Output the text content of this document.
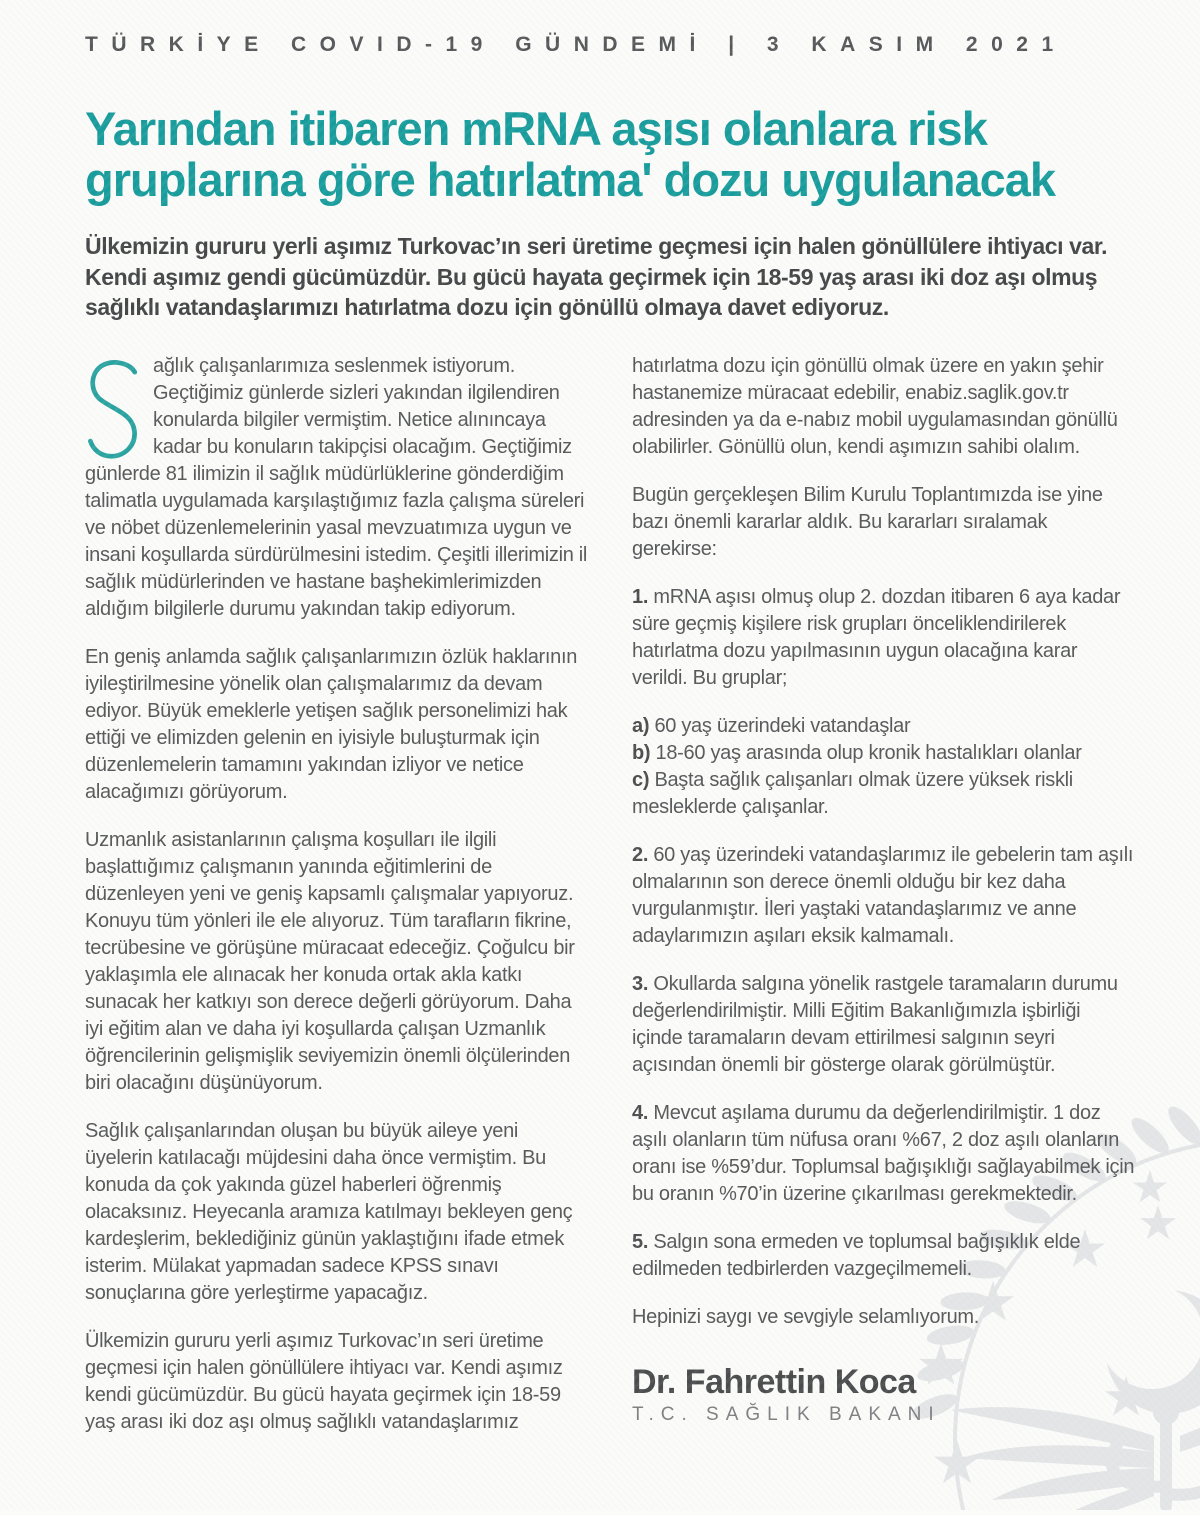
TÜRKİYE COVID-19 GÜNDEMİ | 3 KASIM 2021
Yarından itibaren mRNA aşısı olanlara risk
gruplarına göre hatırlatma' dozu uygulanacak
Ülkemizin gururu yerli aşımız Turkovac’ın seri üretime geçmesi için halen gönüllülere ihtiyacı var. Kendi aşımız gendi gücümüzdür. Bu gücü hayata geçirmek için 18-59 yaş arası iki doz aşı olmuş sağlıklı vatandaşlarımızı hatırlatma dozu için gönüllü olmaya davet ediyoruz.

ağlık çalışanlarımıza seslenmek istiyorum. Geçtiğimiz günlerde sizleri yakından ilgilendiren konularda bilgiler vermiştim. Netice alınıncaya kadar bu konuların takipçisi olacağım. Geçtiğimiz günlerde 81 ilimizin il sağlık müdürlüklerine gönderdiğim talimatla uygulamada karşılaştığımız fazla çalışma süreleri ve nöbet düzenlemelerinin yasal mevzuatımıza uygun ve insani koşullarda sürdürülmesini istedim. Çeşitli illerimizin il sağlık müdürlerinden ve hastane başhekimlerimizden aldığım bilgilerle durumu yakından takip ediyorum.

En geniş anlamda sağlık çalışanlarımızın özlük haklarının iyileştirilmesine yönelik olan çalışmalarımız da devam ediyor. Büyük emeklerle yetişen sağlık personelimizi hak ettiği ve elimizden gelenin en iyisiyle buluşturmak için düzenlemelerin tamamını yakından izliyor ve netice alacağımızı görüyorum.

Uzmanlık asistanlarının çalışma koşulları ile ilgili başlattığımız çalışmanın yanında eğitimlerini de düzenleyen yeni ve geniş kapsamlı çalışmalar yapıyoruz. Konuyu tüm yönleri ile ele alıyoruz. Tüm tarafların fikrine, tecrübesine ve görüşüne müracaat edeceğiz. Çoğulcu bir yaklaşımla ele alınacak her konuda ortak akla katkı sunacak her katkıyı son derece değerli görüyorum. Daha iyi eğitim alan ve daha iyi koşullarda çalışan Uzmanlık öğrencilerinin gelişmişlik seviyemizin önemli ölçülerinden biri olacağını düşünüyorum.

Sağlık çalışanlarından oluşan bu büyük aileye yeni üyelerin katılacağı müjdesini daha önce vermiştim. Bu konuda da çok yakında güzel haberleri öğrenmiş olacaksınız. Heyecanla aramıza katılmayı bekleyen genç kardeşlerim, beklediğiniz günün yaklaştığını ifade etmek isterim. Mülakat yapmadan sadece KPSS sınavı sonuçlarına göre yerleştirme yapacağız.

Ülkemizin gururu yerli aşımız Turkovac’ın seri üretime geçmesi için halen gönüllülere ihtiyacı var. Kendi aşımız kendi gücümüzdür. Bu gücü hayata geçirmek için 18-59 yaş arası iki doz aşı olmuş sağlıklı vatandaşlarımız

hatırlatma dozu için gönüllü olmak üzere en yakın şehir hastanemize müracaat edebilir, enabiz.saglik.gov.tr adresinden ya da e-nabız mobil uygulamasından gönüllü olabilirler. Gönüllü olun, kendi aşımızın sahibi olalım.

Bugün gerçekleşen Bilim Kurulu Toplantımızda ise yine bazı önemli kararlar aldık. Bu kararları sıralamak gerekirse:

1. mRNA aşısı olmuş olup 2. dozdan itibaren 6 aya kadar süre geçmiş kişilere risk grupları önceliklendirilerek hatırlatma dozu yapılmasının uygun olacağına karar verildi. Bu gruplar;

a) 60 yaş üzerindeki vatandaşlar
b) 18-60 yaş arasında olup kronik hastalıkları olanlar
c) Başta sağlık çalışanları olmak üzere yüksek riskli mesleklerde çalışanlar.

2. 60 yaş üzerindeki vatandaşlarımız ile gebelerin tam aşılı olmalarının son derece önemli olduğu bir kez daha vurgulanmıştır. İleri yaştaki vatandaşlarımız ve anne adaylarımızın aşıları eksik kalmamalı.

3. Okullarda salgına yönelik rastgele taramaların durumu değerlendirilmiştir. Milli Eğitim Bakanlığımızla işbirliği içinde taramaların devam ettirilmesi salgının seyri açısından önemli bir gösterge olarak görülmüştür.

4. Mevcut aşılama durumu da değerlendirilmiştir. 1 doz aşılı olanların tüm nüfusa oranı %67, 2 doz aşılı olanların oranı ise %59’dur. Toplumsal bağışıklığı sağlayabilmek için bu oranın %70’in üzerine çıkarılması gerekmektedir.

5. Salgın sona ermeden ve toplumsal bağışıklık elde edilmeden tedbirlerden vazgeçilmemeli.

Hepinizi saygı ve sevgiyle selamlıyorum.

Dr. Fahrettin Koca
T.C. SAĞLIK BAKANI
